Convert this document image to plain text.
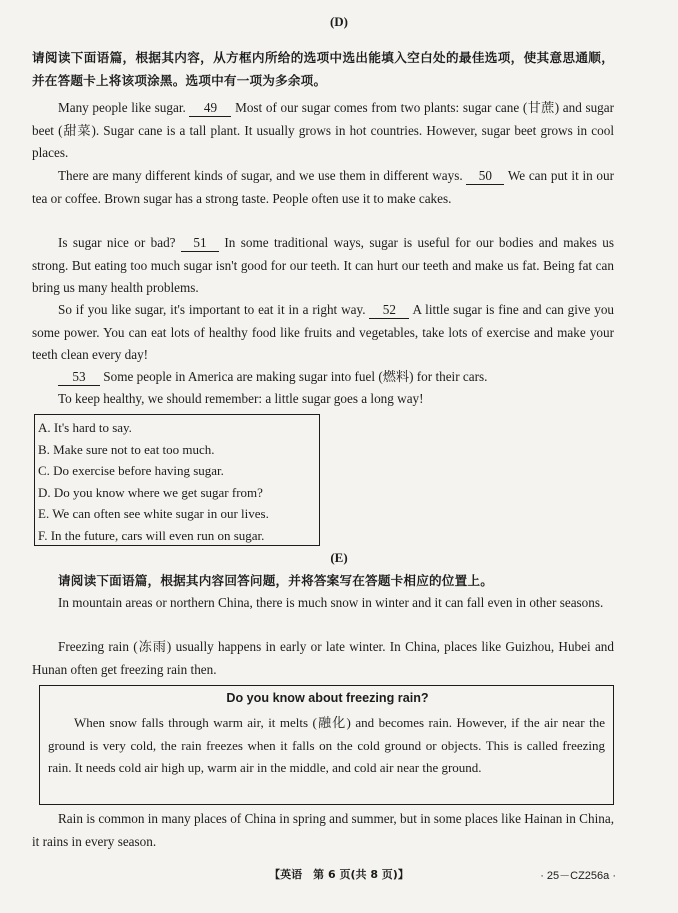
(D)
请阅读下面语篇，根据其内容，从方框内所给的选项中选出能填入空白处的最佳选项，使其意思通顺，并在答题卡上将该项涂黑。选项中有一项为多余项。
Many people like sugar. 49 Most of our sugar comes from two plants: sugar cane (甘蔗) and sugar beet (甜菜). Sugar cane is a tall plant. It usually grows in hot countries. However, sugar beet grows in cool places.
There are many different kinds of sugar, and we use them in different ways. 50 We can put it in our tea or coffee. Brown sugar has a strong taste. People often use it to make cakes.
Is sugar nice or bad? 51 In some traditional ways, sugar is useful for our bodies and makes us strong. But eating too much sugar isn't good for our teeth. It can hurt our teeth and make us fat. Being fat can bring us many health problems.
So if you like sugar, it's important to eat it in a right way. 52 A little sugar is fine and can give you some power. You can eat lots of healthy food like fruits and vegetables, take lots of exercise and make your teeth clean every day!
53 Some people in America are making sugar into fuel (燃料) for their cars.
To keep healthy, we should remember: a little sugar goes a long way!
A. It's hard to say.
B. Make sure not to eat too much.
C. Do exercise before having sugar.
D. Do you know where we get sugar from?
E. We can often see white sugar in our lives.
F. In the future, cars will even run on sugar.
(E)
请阅读下面语篇，根据其内容回答问题，并将答案写在答题卡相应的位置上。
In mountain areas or northern China, there is much snow in winter and it can fall even in other seasons.
Freezing rain (冻雨) usually happens in early or late winter. In China, places like Guizhou, Hubei and Hunan often get freezing rain then.
Do you know about freezing rain?
When snow falls through warm air, it melts (融化) and becomes rain. However, if the air near the ground is very cold, the rain freezes when it falls on the cold ground or objects. This is called freezing rain. It needs cold air high up, warm air in the middle, and cold air near the ground.
Rain is common in many places of China in spring and summer, but in some places like Hainan in China, it rains in every season.
【英语　第 6 页(共 8 页)】	· 25－CZ256a ·
